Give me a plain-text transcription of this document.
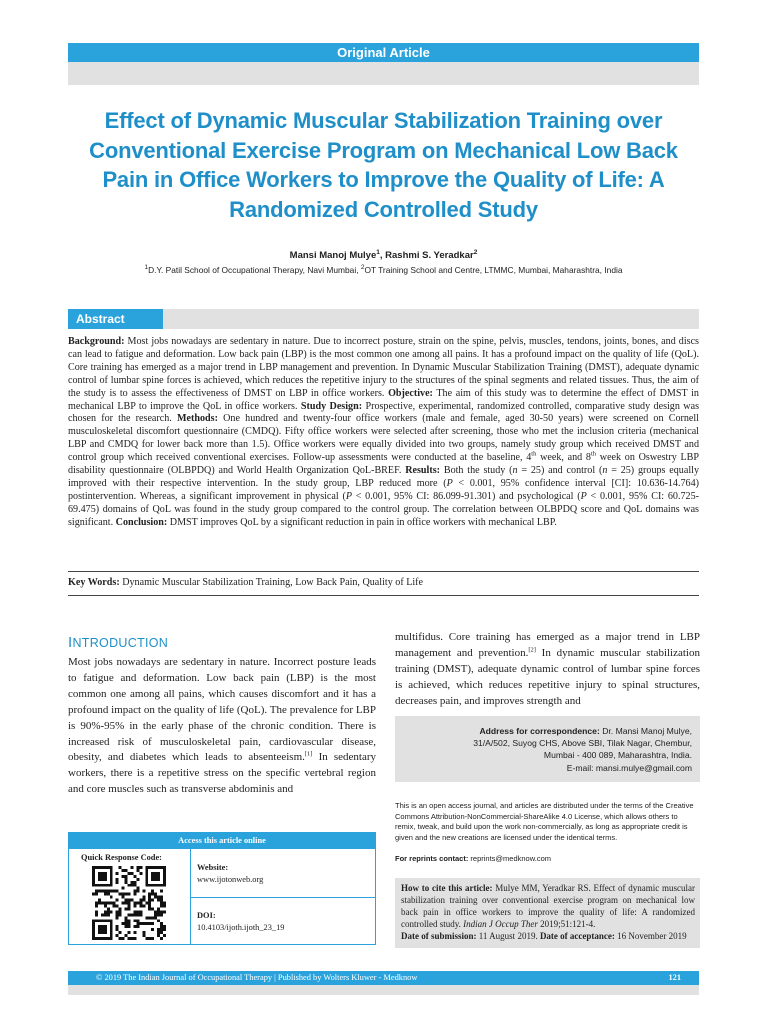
Original Article
Effect of Dynamic Muscular Stabilization Training over Conventional Exercise Program on Mechanical Low Back Pain in Office Workers to Improve the Quality of Life: A Randomized Controlled Study
Mansi Manoj Mulye$^1$, Rashmi S. Yeradkar$^2$
$^1$D.Y. Patil School of Occupational Therapy, Navi Mumbai, $^2$OT Training School and Centre, LTMMC, Mumbai, Maharashtra, India
Abstract
Background: Most jobs nowadays are sedentary in nature. Due to incorrect posture, strain on the spine, pelvis, muscles, tendons, joints, bones, and discs can lead to fatigue and deformation. Low back pain (LBP) is the most common one among all pains. It has a profound impact on the quality of life (QoL). Core training has emerged as a major trend in LBP management and prevention. In Dynamic Muscular Stabilization Training (DMST), adequate dynamic control of lumbar spine forces is achieved, which reduces the repetitive injury to the structures of the spinal segments and related tissues. Thus, the aim of the study is to assess the effectiveness of DMST on LBP in office workers. Objective: The aim of this study was to determine the effect of DMST in mechanical LBP to improve the QoL in office workers. Study Design: Prospective, experimental, randomized controlled, comparative study design was chosen for the research. Methods: One hundred and twenty-four office workers (male and female, aged 30-50 years) were screened on Cornell musculoskeletal discomfort questionnaire (CMDQ). Fifty office workers were selected after screening, those who met the inclusion criteria (mechanical LBP and CMDQ for lower back more than 1.5). Office workers were equally divided into two groups, namely study group which received DMST and control group which received conventional exercises. Follow-up assessments were conducted at the baseline, 4th week, and 8th week on Oswestry LBP disability questionnaire (OLBPDQ) and World Health Organization QoL-BREF. Results: Both the study (n = 25) and control (n = 25) groups equally improved with their respective intervention. In the study group, LBP reduced more (P < 0.001, 95% confidence interval [CI]: 10.636-14.764) postintervention. Whereas, a significant improvement in physical (P < 0.001, 95% CI: 86.099-91.301) and psychological (P < 0.001, 95% CI: 60.725-69.475) domains of QoL was found in the study group compared to the control group. The correlation between OLBPDQ score and QoL domains was significant. Conclusion: DMST improves QoL by a significant reduction in pain in office workers with mechanical LBP.
Key Words: Dynamic Muscular Stabilization Training, Low Back Pain, Quality of Life
INTRODUCTION
Most jobs nowadays are sedentary in nature. Incorrect posture leads to fatigue and deformation. Low back pain (LBP) is the most common one among all pains, which causes discomfort and it has a profound impact on the quality of life (QoL). The prevalence for LBP is 90%-95% in the early phase of the chronic condition. There is increased risk of musculoskeletal pain, cardiovascular disease, obesity, and diabetes which leads to absenteeism.[1] In sedentary workers, there is a repetitive stress on the specific vertebral region and core muscles such as transverse abdominis and
multifidus. Core training has emerged as a major trend in LBP management and prevention.[2] In dynamic muscular stabilization training (DMST), adequate dynamic control of lumbar spine forces is achieved, which reduces repetitive injury to spinal structures, decreases pain, and improves strength and
Address for correspondence: Dr. Mansi Manoj Mulye,
31/A/502, Suyog CHS, Above SBI, Tilak Nagar, Chembur,
Mumbai - 400 089, Maharashtra, India.
E-mail: mansi.mulye@gmail.com
This is an open access journal, and articles are distributed under the terms of the Creative Commons Attribution-NonCommercial-ShareAlike 4.0 License, which allows others to remix, tweak, and build upon the work non-commercially, as long as appropriate credit is given and the new creations are licensed under the identical terms.
For reprints contact: reprints@medknow.com
How to cite this article: Mulye MM, Yeradkar RS. Effect of dynamic muscular stabilization training over conventional exercise program on mechanical low back pain in office workers to improve the quality of life: A randomized controlled study. Indian J Occup Ther 2019;51:121-4.
Date of submission: 11 August 2019. Date of acceptance: 16 November 2019
Access this article online
Quick Response Code:
Website:
www.ijotonweb.org
DOI:
10.4103/ijoth.ijoth_23_19
© 2019 The Indian Journal of Occupational Therapy | Published by Wolters Kluwer - Medknow	121
